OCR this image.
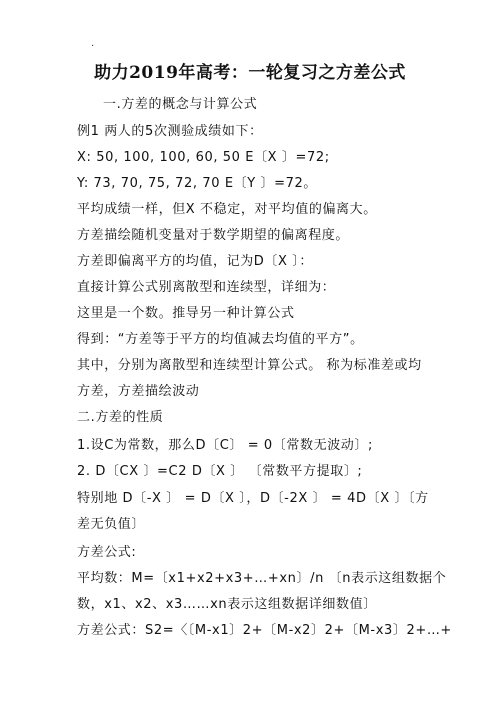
.
助力2019年高考：一轮复习之方差公式
一.方差的概念与计算公式
例1 两人的5次测验成绩如下：
X: 50, 100, 100, 60, 50 E〔X 〕=72;
Y: 73, 70, 75, 72, 70 E〔Y 〕=72。
平均成绩一样，但X 不稳定，对平均值的偏离大。
方差描绘随机变量对于数学期望的偏离程度。
方差即偏离平方的均值，记为D〔X 〕：
直接计算公式别离散型和连续型，详细为：
这里是一个数。推导另一种计算公式
得到：“方差等于平方的均值减去均值的平方”。
其中，分别为离散型和连续型计算公式。 称为标准差或均
方差，方差描绘波动
二.方差的性质
1.设C为常数，那么D〔C〕 = 0〔常数无波动〕;
2. D〔CX 〕=C2 D〔X 〕 〔常数平方提取〕;
特别地 D〔-X 〕 = D〔X 〕，D〔-2X 〕 = 4D〔X 〕〔方
差无负值〕
方差公式:
平均数：M=〔x1+x2+x3+…+xn〕/n 〔n表示这组数据个
数，x1、x2、x3……xn表示这组数据详细数值〕
方差公式：S2=〈〔M-x1〕2+〔M-x2〕2+〔M-x3〕2+…+
